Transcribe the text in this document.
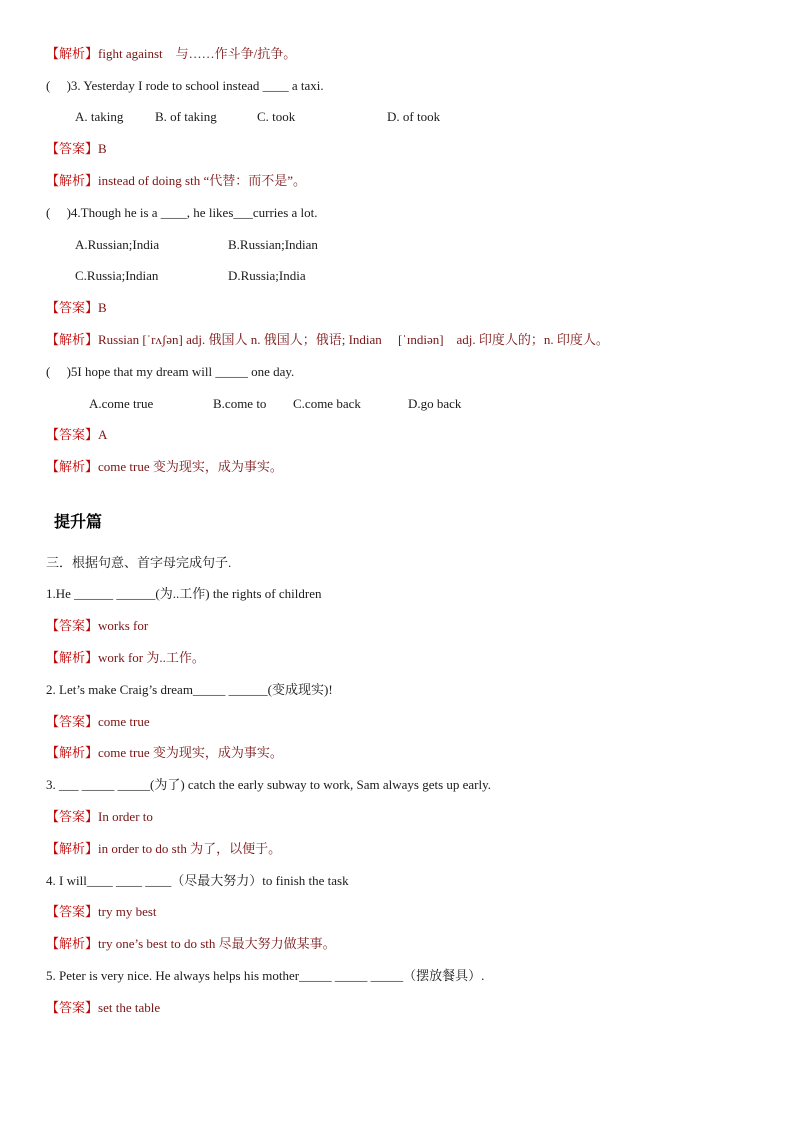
【解析】fight against　与……作斗争/抗争。
(　 )3. Yesterday I rode to school instead ____ a taxi.
A. taking B. of taking	C. took	D. of took
【答案】B
【解析】instead of doing sth “代替：而不是”。
(　 )4.Though he is a ____, he likes___curries a lot.
A.Russian;India	B.Russian;Indian
C.Russia;Indian	D.Russia;India
【答案】B
【解析】Russian [ˈrʌʃən] adj. 俄国人 n. 俄国人；俄语; Indian　 [ˈɪndiən]　adj. 印度人的；n. 印度人。
(　 )5I hope that my dream will _____ one day.
A.come true	B.come to C.come back	D.go back
【答案】A
【解析】come true 变为现实，成为事实。
提升篇
三．根据句意、首字母完成句子.
1.He ______ ______(为..工作) the rights of children
【答案】works for
【解析】work for 为..工作。
2. Let’s make Craig’s dream_____ ______(变成现实)!
【答案】come true
【解析】come true 变为现实，成为事实。
3. ___ _____ _____(为了) catch the early subway to work, Sam always gets up early.
【答案】In order to
【解析】in order to do sth 为了，以便于。
4. I will____ ____ ____（尽最大努力）to finish the task
【答案】try my best
【解析】try one’s best to do sth 尽最大努力做某事。
5. Peter is very nice. He always helps his mother_____ _____ _____（摆放餐具）.
【答案】set the table
